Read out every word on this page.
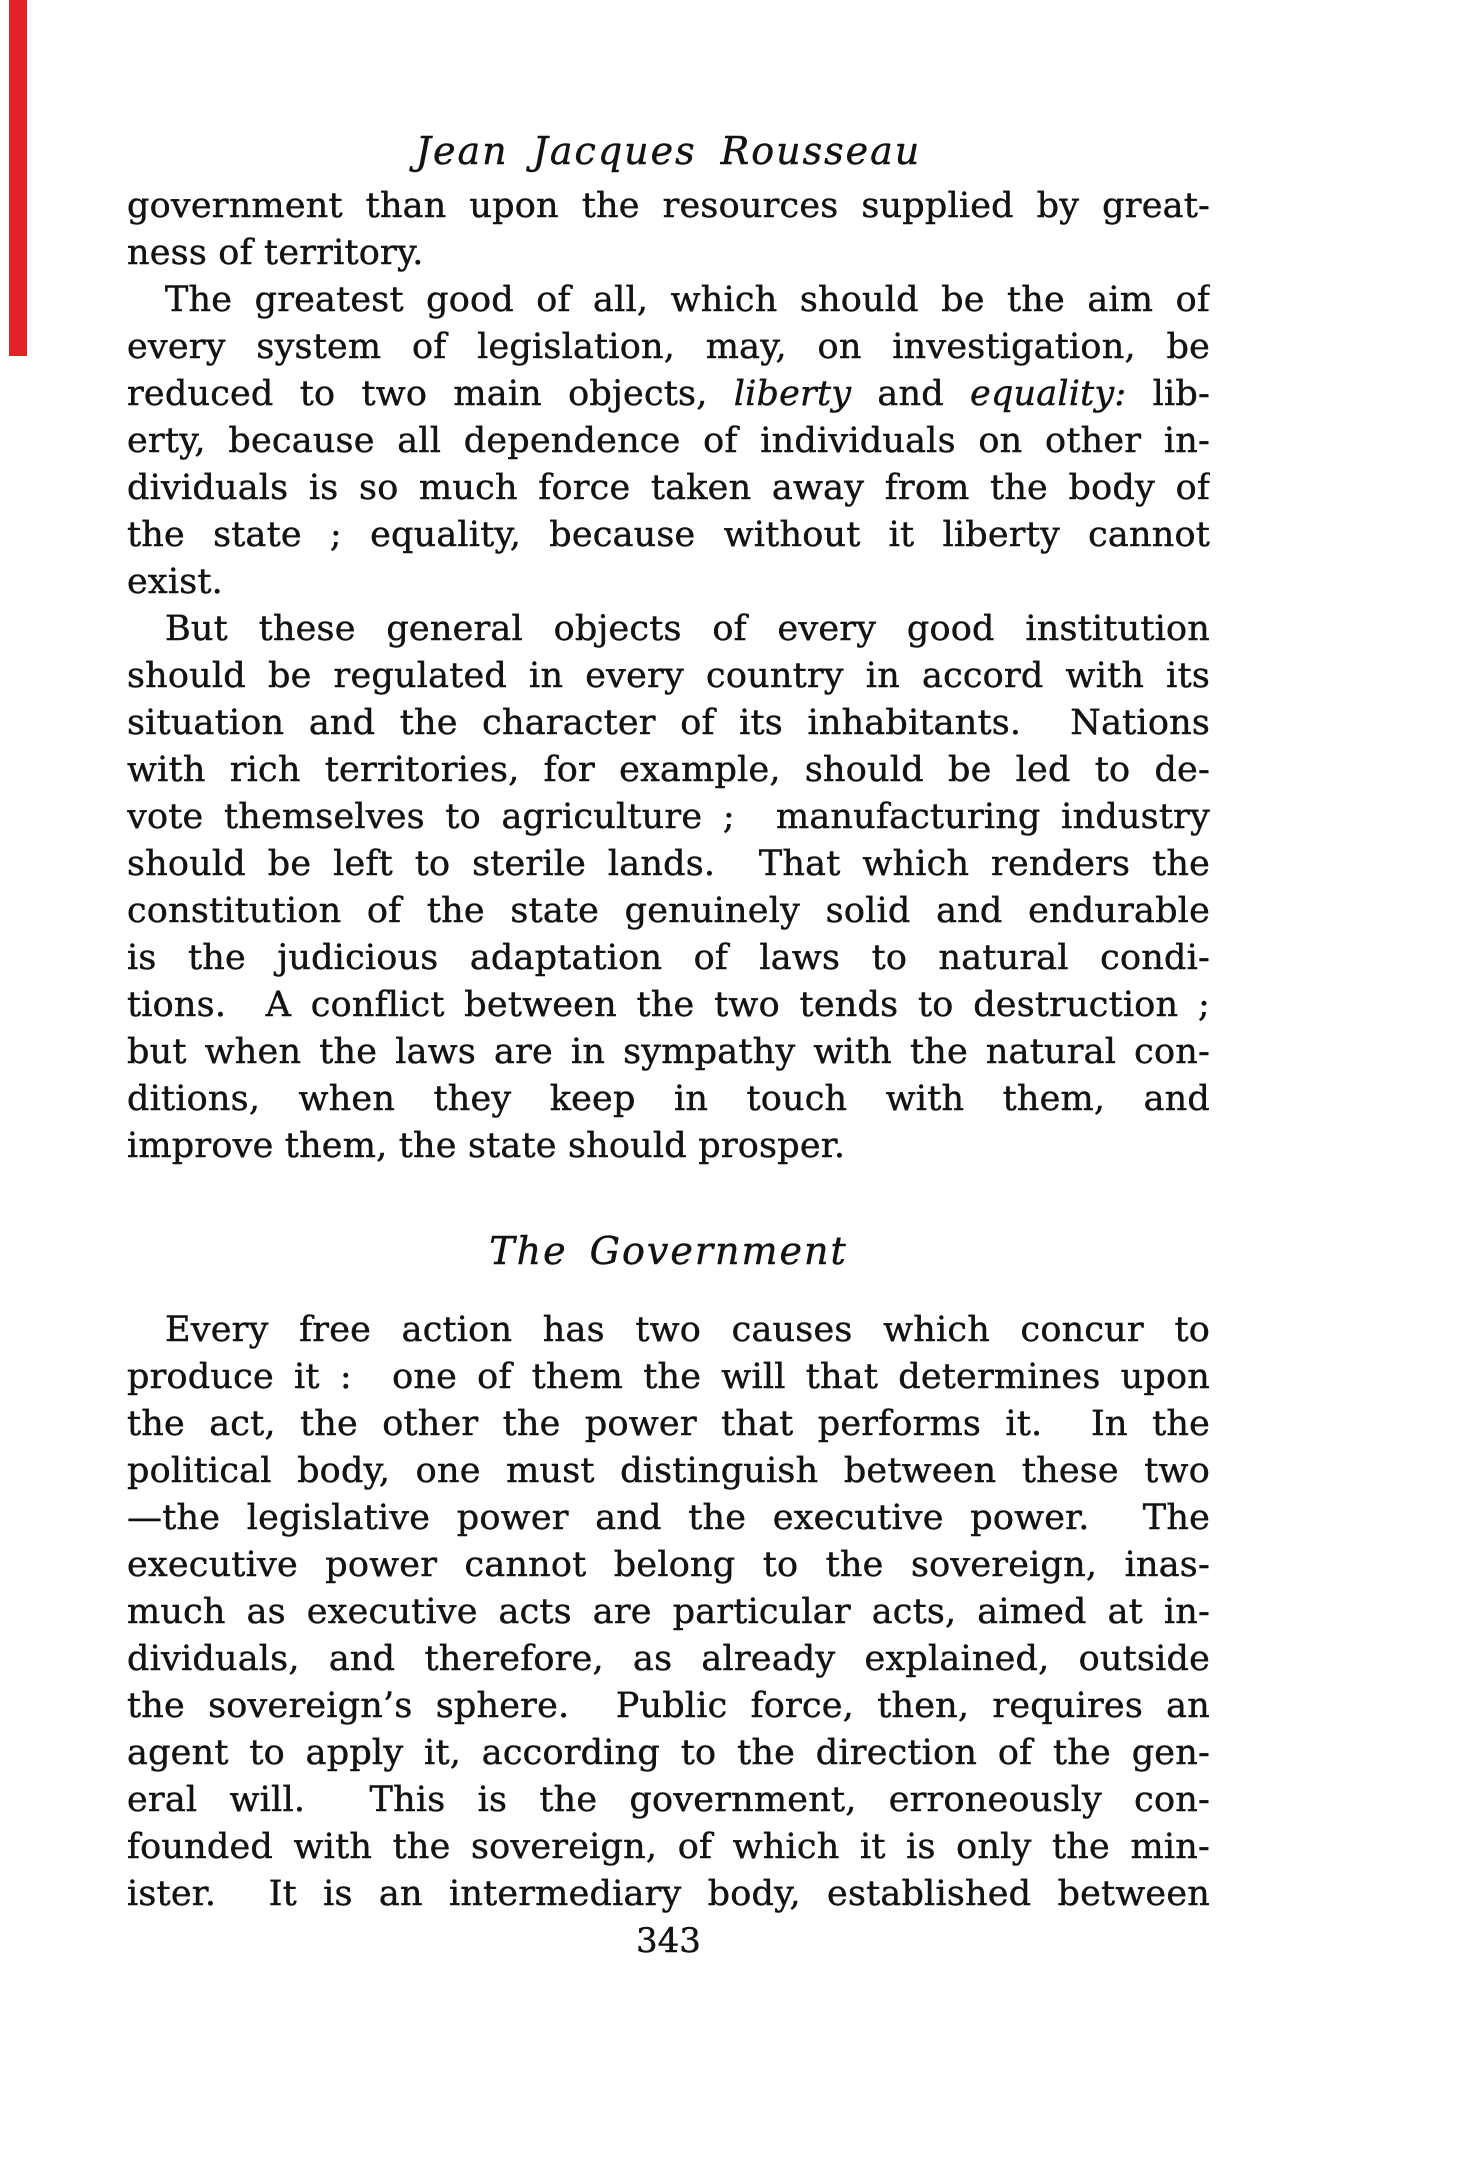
Jean Jacques Rousseau
government than upon the resources supplied by great-
ness of territory.
The greatest good of all, which should be the aim of
every system of legislation, may, on investigation, be
reduced to two main objects, liberty and equality: lib-
erty, because all dependence of individuals on other in-
dividuals is so much force taken away from the body of
the state ; equality, because without it liberty cannot
exist.
But these general objects of every good institution
should be regulated in every country in accord with its
situation and the character of its inhabitants.  Nations
with rich territories, for example, should be led to de-
vote themselves to agriculture ;  manufacturing industry
should be left to sterile lands.  That which renders the
constitution of the state genuinely solid and endurable
is the judicious adaptation of laws to natural condi-
tions.  A conflict between the two tends to destruction ;
but when the laws are in sympathy with the natural con-
ditions, when they keep in touch with them, and
improve them, the state should prosper.
The Government
Every free action has two causes which concur to
produce it :  one of them the will that determines upon
the act, the other the power that performs it.  In the
political body, one must distinguish between these two
—the legislative power and the executive power.  The
executive power cannot belong to the sovereign, inas-
much as executive acts are particular acts, aimed at in-
dividuals, and therefore, as already explained, outside
the sovereign’s sphere.  Public force, then, requires an
agent to apply it, according to the direction of the gen-
eral will.  This is the government, erroneously con-
founded with the sovereign, of which it is only the min-
ister.  It is an intermediary body, established between
343
